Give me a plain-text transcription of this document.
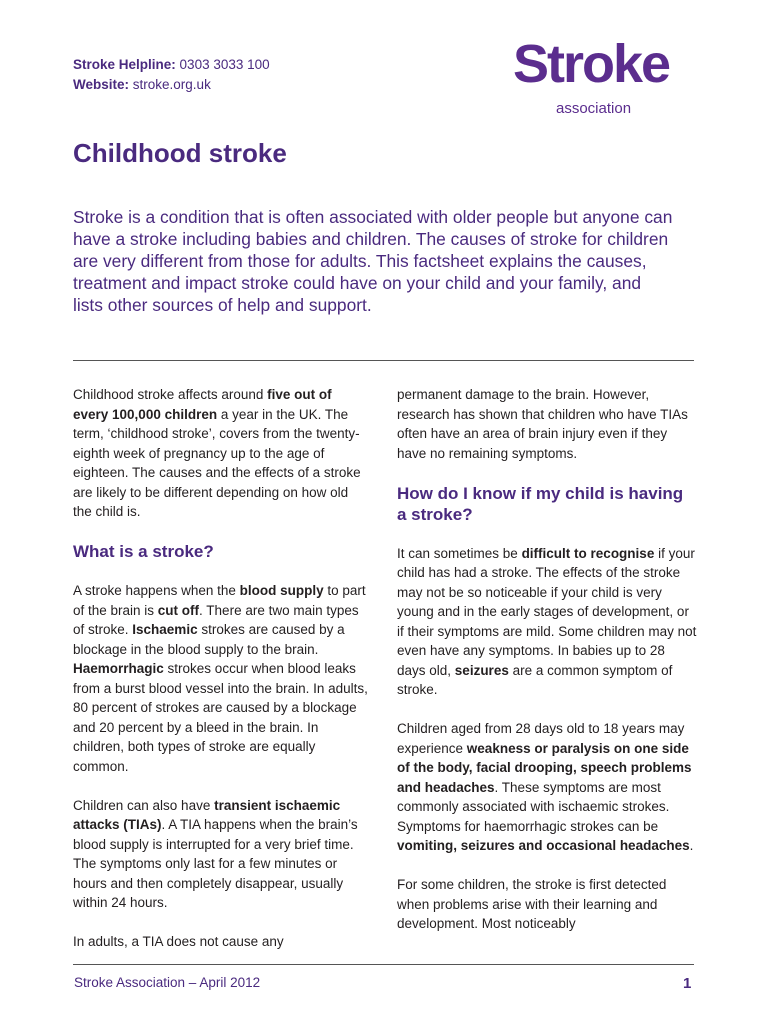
Stroke Helpline: 0303 3033 100
Website: stroke.org.uk	Stroke
association
Childhood stroke

Stroke is a condition that is often associated with older people but anyone can have a stroke including babies and children. The causes of stroke for children are very different from those for adults. This factsheet explains the causes, treatment and impact stroke could have on your child and your family, and lists other sources of help and support.

Childhood stroke affects around five out of every 100,000 children a year in the UK. The term, ‘childhood stroke’, covers from the twenty-eighth week of pregnancy up to the age of eighteen. The causes and the effects of a stroke are likely to be different depending on how old the child is.

What is a stroke?

A stroke happens when the blood supply to part of the brain is cut off. There are two main types of stroke. Ischaemic strokes are caused by a blockage in the blood supply to the brain. Haemorrhagic strokes occur when blood leaks from a burst blood vessel into the brain. In adults, 80 percent of strokes are caused by a blockage and 20 percent by a bleed in the brain. In children, both types of stroke are equally common.

Children can also have transient ischaemic attacks (TIAs). A TIA happens when the brain’s blood supply is interrupted for a very brief time. The symptoms only last for a few minutes or hours and then completely disappear, usually within 24 hours.

In adults, a TIA does not cause any

permanent damage to the brain. However, research has shown that children who have TIAs often have an area of brain injury even if they have no remaining symptoms.

How do I know if my child is having a stroke?

It can sometimes be difficult to recognise if your child has had a stroke. The effects of the stroke may not be so noticeable if your child is very young and in the early stages of development, or if their symptoms are mild. Some children may not even have any symptoms. In babies up to 28 days old, seizures are a common symptom of stroke.

Children aged from 28 days old to 18 years may experience weakness or paralysis on one side of the body, facial drooping, speech problems and headaches. These symptoms are most commonly associated with ischaemic strokes. Symptoms for haemorrhagic strokes can be vomiting, seizures and occasional headaches.

For some children, the stroke is first detected when problems arise with their learning and development. Most noticeably

Stroke Association – April 2012	1
